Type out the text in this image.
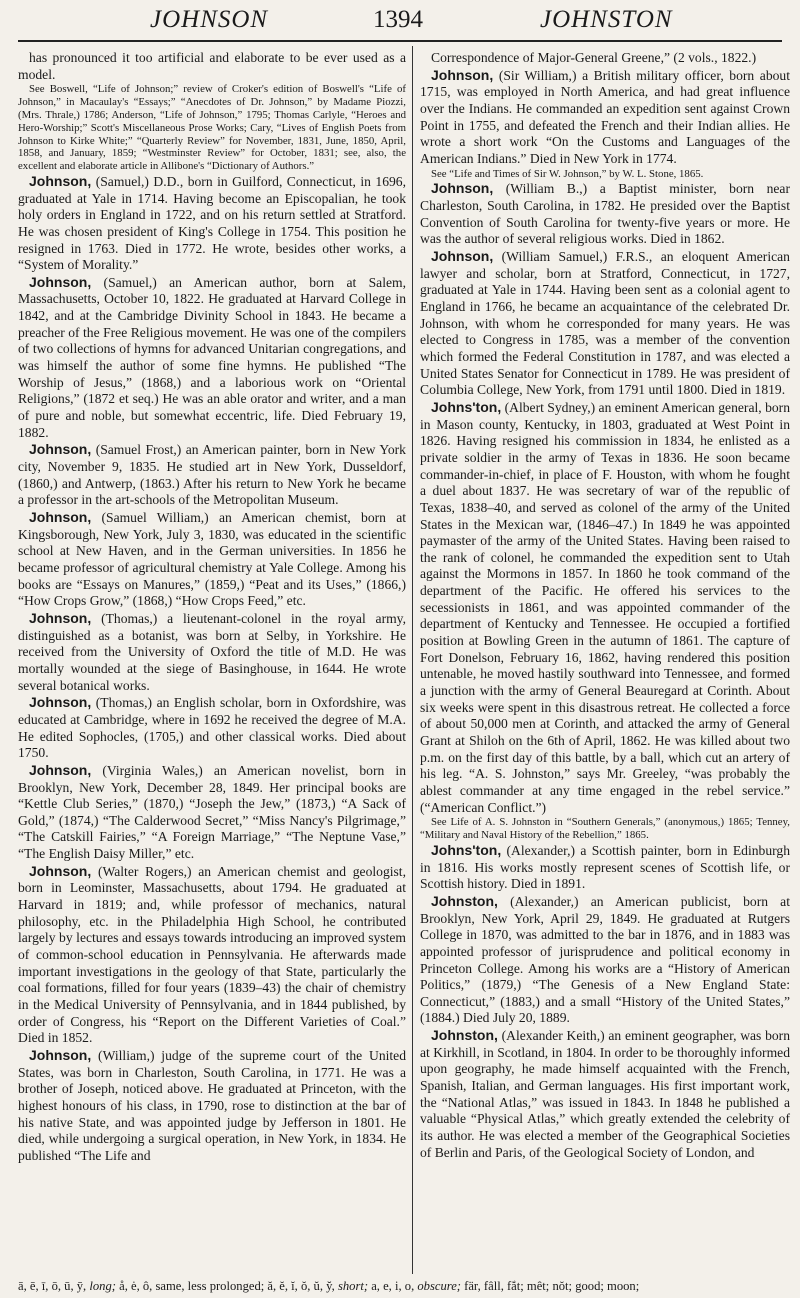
JOHNSON	1394	JOHNSTON

has pronounced it too artificial and elaborate to be ever used as a model.

See Boswell, “Life of Johnson;” review of Croker's edition of Boswell's “Life of Johnson,” in Macaulay's “Essays;” “Anecdotes of Dr. Johnson,” by Madame Piozzi, (Mrs. Thrale,) 1786; Anderson, “Life of Johnson,” 1795; Thomas Carlyle, “Heroes and Hero-Worship;” Scott's Miscellaneous Prose Works; Cary, “Lives of English Poets from Johnson to Kirke White;” “Quarterly Review” for November, 1831, June, 1850, April, 1858, and January, 1859; “Westminster Review” for October, 1831; see, also, the excellent and elaborate article in Allibone's “Dictionary of Authors.”

Johnson, (Samuel,) D.D., born in Guilford, Connecticut, in 1696, graduated at Yale in 1714. Having become an Episcopalian, he took holy orders in England in 1722, and on his return settled at Stratford. He was chosen president of King's College in 1754. This position he resigned in 1763. Died in 1772. He wrote, besides other works, a “System of Morality.”

Johnson, (Samuel,) an American author, born at Salem, Massachusetts, October 10, 1822. He graduated at Harvard College in 1842, and at the Cambridge Divinity School in 1843. He became a preacher of the Free Religious movement. He was one of the compilers of two collections of hymns for advanced Unitarian congregations, and was himself the author of some fine hymns. He published “The Worship of Jesus,” (1868,) and a laborious work on “Oriental Religions,” (1872 et seq.) He was an able orator and writer, and a man of pure and noble, but somewhat eccentric, life. Died February 19, 1882.

Johnson, (Samuel Frost,) an American painter, born in New York city, November 9, 1835. He studied art in New York, Dusseldorf, (1860,) and Antwerp, (1863.) After his return to New York he became a professor in the art-schools of the Metropolitan Museum.

Johnson, (Samuel William,) an American chemist, born at Kingsborough, New York, July 3, 1830, was educated in the scientific school at New Haven, and in the German universities. In 1856 he became professor of agricultural chemistry at Yale College. Among his books are “Essays on Manures,” (1859,) “Peat and its Uses,” (1866,) “How Crops Grow,” (1868,) “How Crops Feed,” etc.

Johnson, (Thomas,) a lieutenant-colonel in the royal army, distinguished as a botanist, was born at Selby, in Yorkshire. He received from the University of Oxford the title of M.D. He was mortally wounded at the siege of Basinghouse, in 1644. He wrote several botanical works.

Johnson, (Thomas,) an English scholar, born in Oxfordshire, was educated at Cambridge, where in 1692 he received the degree of M.A. He edited Sophocles, (1705,) and other classical works. Died about 1750.

Johnson, (Virginia Wales,) an American novelist, born in Brooklyn, New York, December 28, 1849. Her principal books are “Kettle Club Series,” (1870,) “Joseph the Jew,” (1873,) “A Sack of Gold,” (1874,) “The Calderwood Secret,” “Miss Nancy's Pilgrimage,” “The Catskill Fairies,” “A Foreign Marriage,” “The Neptune Vase,” “The English Daisy Miller,” etc.

Johnson, (Walter Rogers,) an American chemist and geologist, born in Leominster, Massachusetts, about 1794. He graduated at Harvard in 1819; and, while professor of mechanics, natural philosophy, etc. in the Philadelphia High School, he contributed largely by lectures and essays towards introducing an improved system of common-school education in Pennsylvania. He afterwards made important investigations in the geology of that State, particularly the coal formations, filled for four years (1839–43) the chair of chemistry in the Medical University of Pennsylvania, and in 1844 published, by order of Congress, his “Report on the Different Varieties of Coal.” Died in 1852.

Johnson, (William,) judge of the supreme court of the United States, was born in Charleston, South Carolina, in 1771. He was a brother of Joseph, noticed above. He graduated at Princeton, with the highest honours of his class, in 1790, rose to distinction at the bar of his native State, and was appointed judge by Jefferson in 1801. He died, while undergoing a surgical operation, in New York, in 1834. He published “The Life and

Correspondence of Major-General Greene,” (2 vols., 1822.)

Johnson, (Sir William,) a British military officer, born about 1715, was employed in North America, and had great influence over the Indians. He commanded an expedition sent against Crown Point in 1755, and defeated the French and their Indian allies. He wrote a short work “On the Customs and Languages of the American Indians.” Died in New York in 1774.

See “Life and Times of Sir W. Johnson,” by W. L. Stone, 1865.

Johnson, (William B.,) a Baptist minister, born near Charleston, South Carolina, in 1782. He presided over the Baptist Convention of South Carolina for twenty-five years or more. He was the author of several religious works. Died in 1862.

Johnson, (William Samuel,) F.R.S., an eloquent American lawyer and scholar, born at Stratford, Connecticut, in 1727, graduated at Yale in 1744. Having been sent as a colonial agent to England in 1766, he became an acquaintance of the celebrated Dr. Johnson, with whom he corresponded for many years. He was elected to Congress in 1785, was a member of the convention which formed the Federal Constitution in 1787, and was elected a United States Senator for Connecticut in 1789. He was president of Columbia College, New York, from 1791 until 1800. Died in 1819.

Johns'ton, (Albert Sydney,) an eminent American general, born in Mason county, Kentucky, in 1803, graduated at West Point in 1826. Having resigned his commission in 1834, he enlisted as a private soldier in the army of Texas in 1836. He soon became commander-in-chief, in place of F. Houston, with whom he fought a duel about 1837. He was secretary of war of the republic of Texas, 1838–40, and served as colonel of the army of the United States in the Mexican war, (1846–47.) In 1849 he was appointed paymaster of the army of the United States. Having been raised to the rank of colonel, he commanded the expedition sent to Utah against the Mormons in 1857. In 1860 he took command of the department of the Pacific. He offered his services to the secessionists in 1861, and was appointed commander of the department of Kentucky and Tennessee. He occupied a fortified position at Bowling Green in the autumn of 1861. The capture of Fort Donelson, February 16, 1862, having rendered this position untenable, he moved hastily southward into Tennessee, and formed a junction with the army of General Beauregard at Corinth. About six weeks were spent in this disastrous retreat. He collected a force of about 50,000 men at Corinth, and attacked the army of General Grant at Shiloh on the 6th of April, 1862. He was killed about two p.m. on the first day of this battle, by a ball, which cut an artery of his leg. “A. S. Johnston,” says Mr. Greeley, “was probably the ablest commander at any time engaged in the rebel service.” (“American Conflict.”)

See Life of A. S. Johnston in “Southern Generals,” (anonymous,) 1865; Tenney, “Military and Naval History of the Rebellion,” 1865.

Johns'ton, (Alexander,) a Scottish painter, born in Edinburgh in 1816. His works mostly represent scenes of Scottish life, or Scottish history. Died in 1891.

Johnston, (Alexander,) an American publicist, born at Brooklyn, New York, April 29, 1849. He graduated at Rutgers College in 1870, was admitted to the bar in 1876, and in 1883 was appointed professor of jurisprudence and political economy in Princeton College. Among his works are a “History of American Politics,” (1879,) “The Genesis of a New England State: Connecticut,” (1883,) and a small “History of the United States,” (1884.) Died July 20, 1889.

Johnston, (Alexander Keith,) an eminent geographer, was born at Kirkhill, in Scotland, in 1804. In order to be thoroughly informed upon geography, he made himself acquainted with the French, Spanish, Italian, and German languages. His first important work, the “National Atlas,” was issued in 1843. In 1848 he published a valuable “Physical Atlas,” which greatly extended the celebrity of its author. He was elected a member of the Geographical Societies of Berlin and Paris, of the Geological Society of London, and

ā, ē, ī, ō, ū, ȳ, long; å, ė, ô, same, less prolonged; ă, ĕ, ĭ, ŏ, ŭ, y̆, short; a, e, i, o, obscure; fär, fâll, fắt; mêt; nŏt; good; moon;
